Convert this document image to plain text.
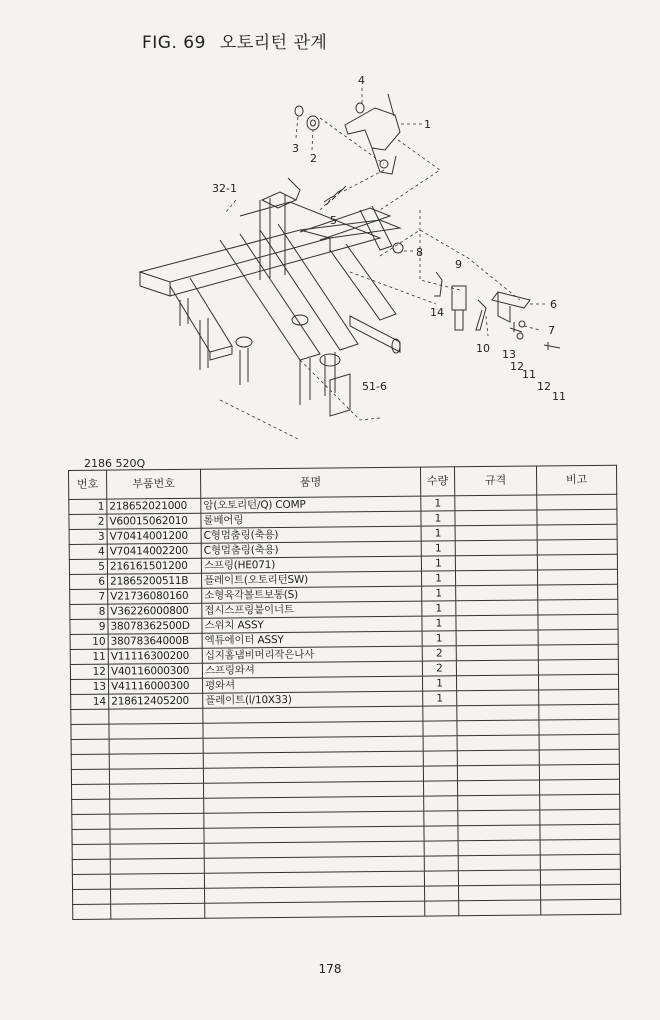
FIG. 69 오토리턴 관계
4
1
3
2
32-1
5
8
9
6
14
7
10 13
12
11
12
11
51-6
2186 520Q
번호	부품번호	품명	수량	규격	비고
1	218652021000	암(오토리턴/Q) COMP	1		
2	V60015062010	롤베어링	1		
3	V70414001200	C형멈춤링(축용)	1		
4	V70414002200	C형멈춤링(축용)	1		
5	216161501200	스프링(HE071)	1		
6	21865200511B	플레이트(오토리턴SW)	1		
7	V21736080160	소형육각볼트보통(S)	1		
8	V36226000800	접시스프링붙이너트	1		
9	38078362500D	스위치 ASSY	1		
10	38078364000B	엑튜에이터 ASSY	1		
11	V11116300200	십지홈냄비머리작은나사	2		
12	V40116000300	스프링와셔	2		
13	V41116000300	평와셔	1		
14	218612405200	플레이트(l/10X33)	1		

178
